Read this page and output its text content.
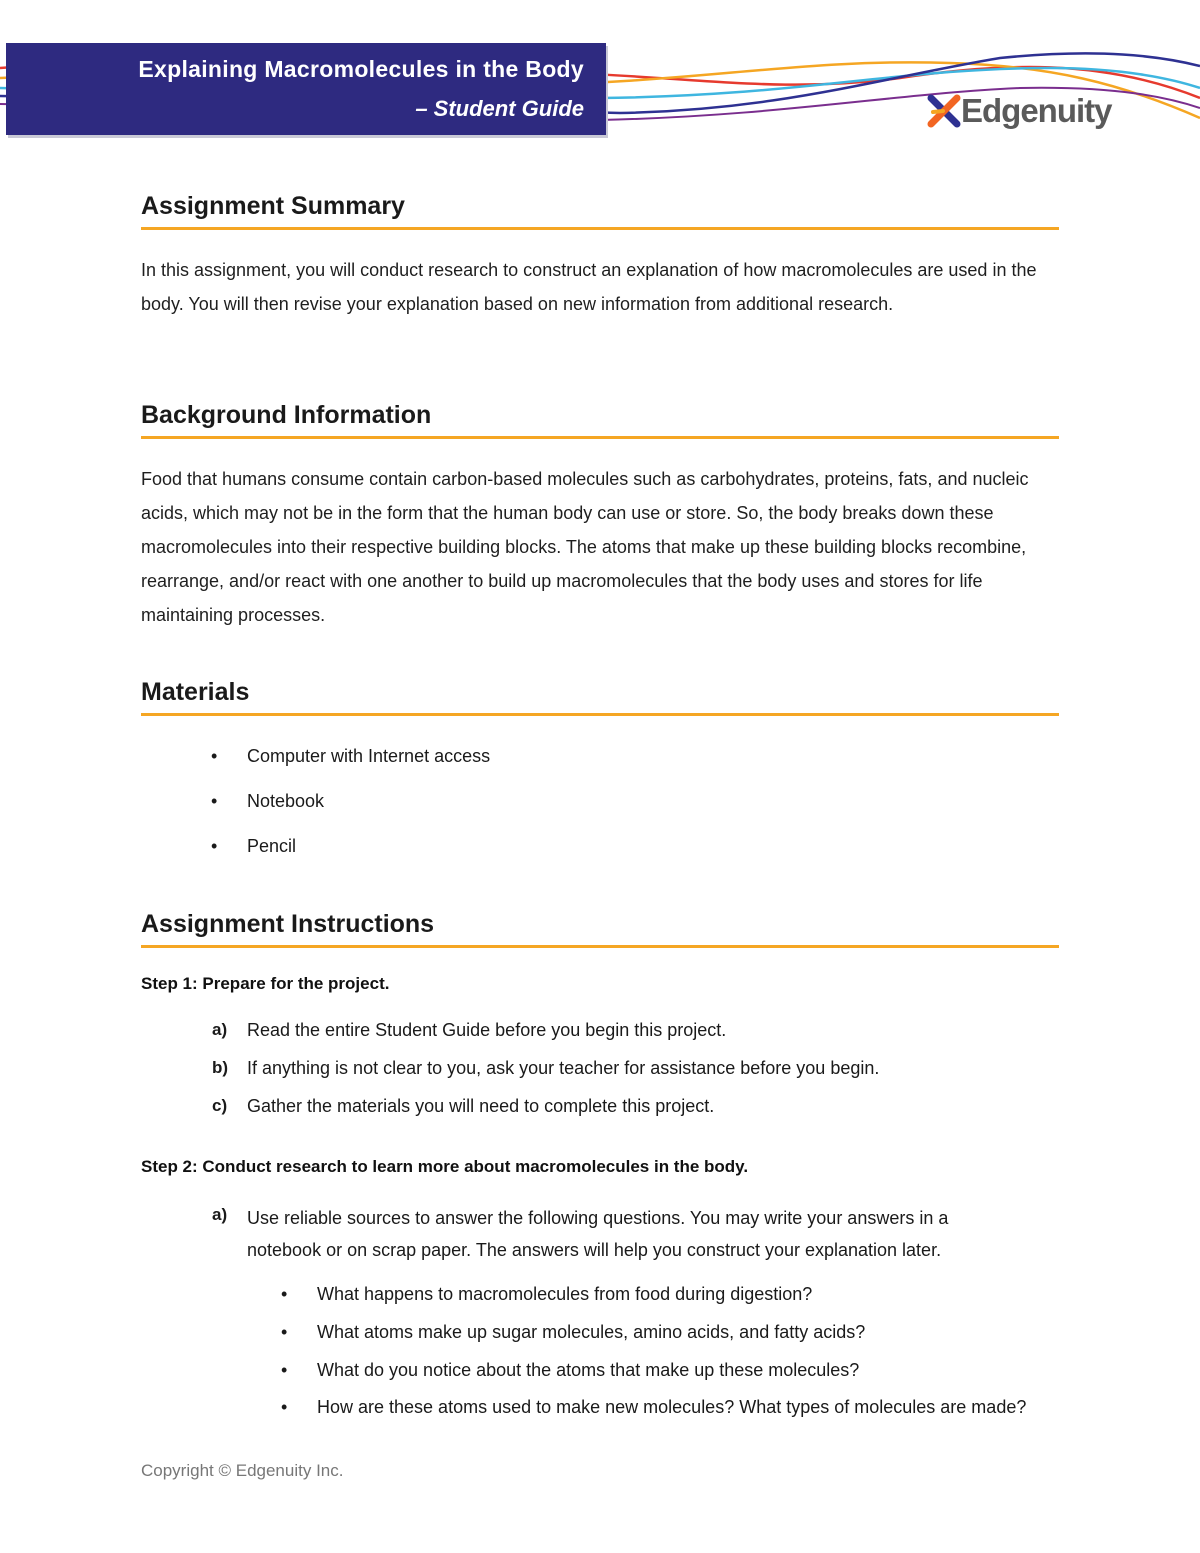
Explaining Macromolecules in the Body
– Student Guide	Edgenuity
Assignment Summary

In this assignment, you will conduct research to construct an explanation of how macromolecules are used in the body. You will then revise your explanation based on new information from additional research.

Background Information

Food that humans consume contain carbon-based molecules such as carbohydrates, proteins, fats, and nucleic acids, which may not be in the form that the human body can use or store. So, the body breaks down these macromolecules into their respective building blocks. The atoms that make up these building blocks recombine, rearrange, and/or react with one another to build up macromolecules that the body uses and stores for life maintaining processes.

Materials
• Computer with Internet access
• Notebook
• Pencil
Assignment Instructions

Step 1: Prepare for the project.

a) Read the entire Student Guide before you begin this project.
b) If anything is not clear to you, ask your teacher for assistance before you begin.
c) Gather the materials you will need to complete this project.

Step 2: Conduct research to learn more about macromolecules in the body.

a) Use reliable sources to answer the following questions. You may write your answers in a notebook or on scrap paper. The answers will help you construct your explanation later.
• What happens to macromolecules from food during digestion?
• What atoms make up sugar molecules, amino acids, and fatty acids?
• What do you notice about the atoms that make up these molecules?
• How are these atoms used to make new molecules? What types of molecules are made?
Copyright © Edgenuity Inc.
